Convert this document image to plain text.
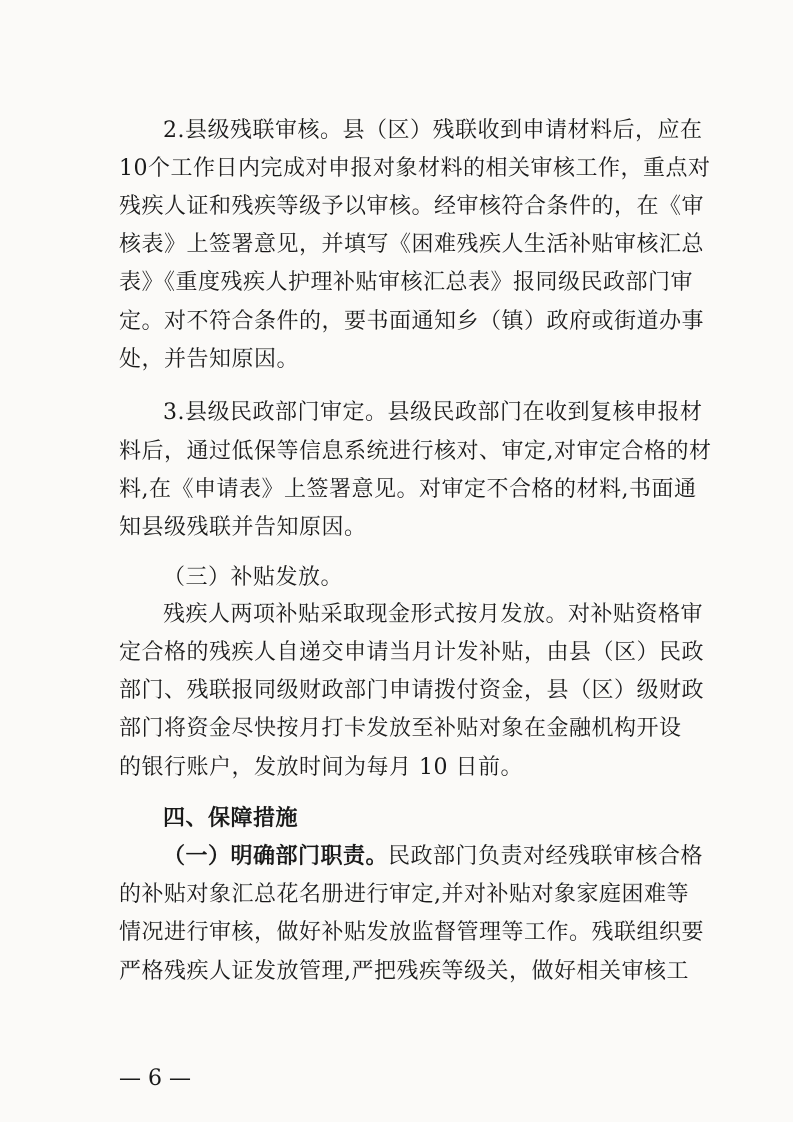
2.县级残联审核。县（区）残联收到申请材料后，应在
10个工作日内完成对申报对象材料的相关审核工作，重点对
残疾人证和残疾等级予以审核。经审核符合条件的，在《审
核表》上签署意见，并填写《困难残疾人生活补贴审核汇总
表》《重度残疾人护理补贴审核汇总表》报同级民政部门审
定。对不符合条件的，要书面通知乡（镇）政府或街道办事
处，并告知原因。
3.县级民政部门审定。县级民政部门在收到复核申报材
料后，通过低保等信息系统进行核对、审定,对审定合格的材
料,在《申请表》上签署意见。对审定不合格的材料,书面通
知县级残联并告知原因。
（三）补贴发放。
残疾人两项补贴采取现金形式按月发放。对补贴资格审
定合格的残疾人自递交申请当月计发补贴，由县（区）民政
部门、残联报同级财政部门申请拨付资金，县（区）级财政
部门将资金尽快按月打卡发放至补贴对象在金融机构开设
的银行账户，发放时间为每月 10 日前。
四、保障措施
（一）明确部门职责。民政部门负责对经残联审核合格
的补贴对象汇总花名册进行审定,并对补贴对象家庭困难等
情况进行审核，做好补贴发放监督管理等工作。残联组织要
严格残疾人证发放管理,严把残疾等级关，做好相关审核工
— 6 —
